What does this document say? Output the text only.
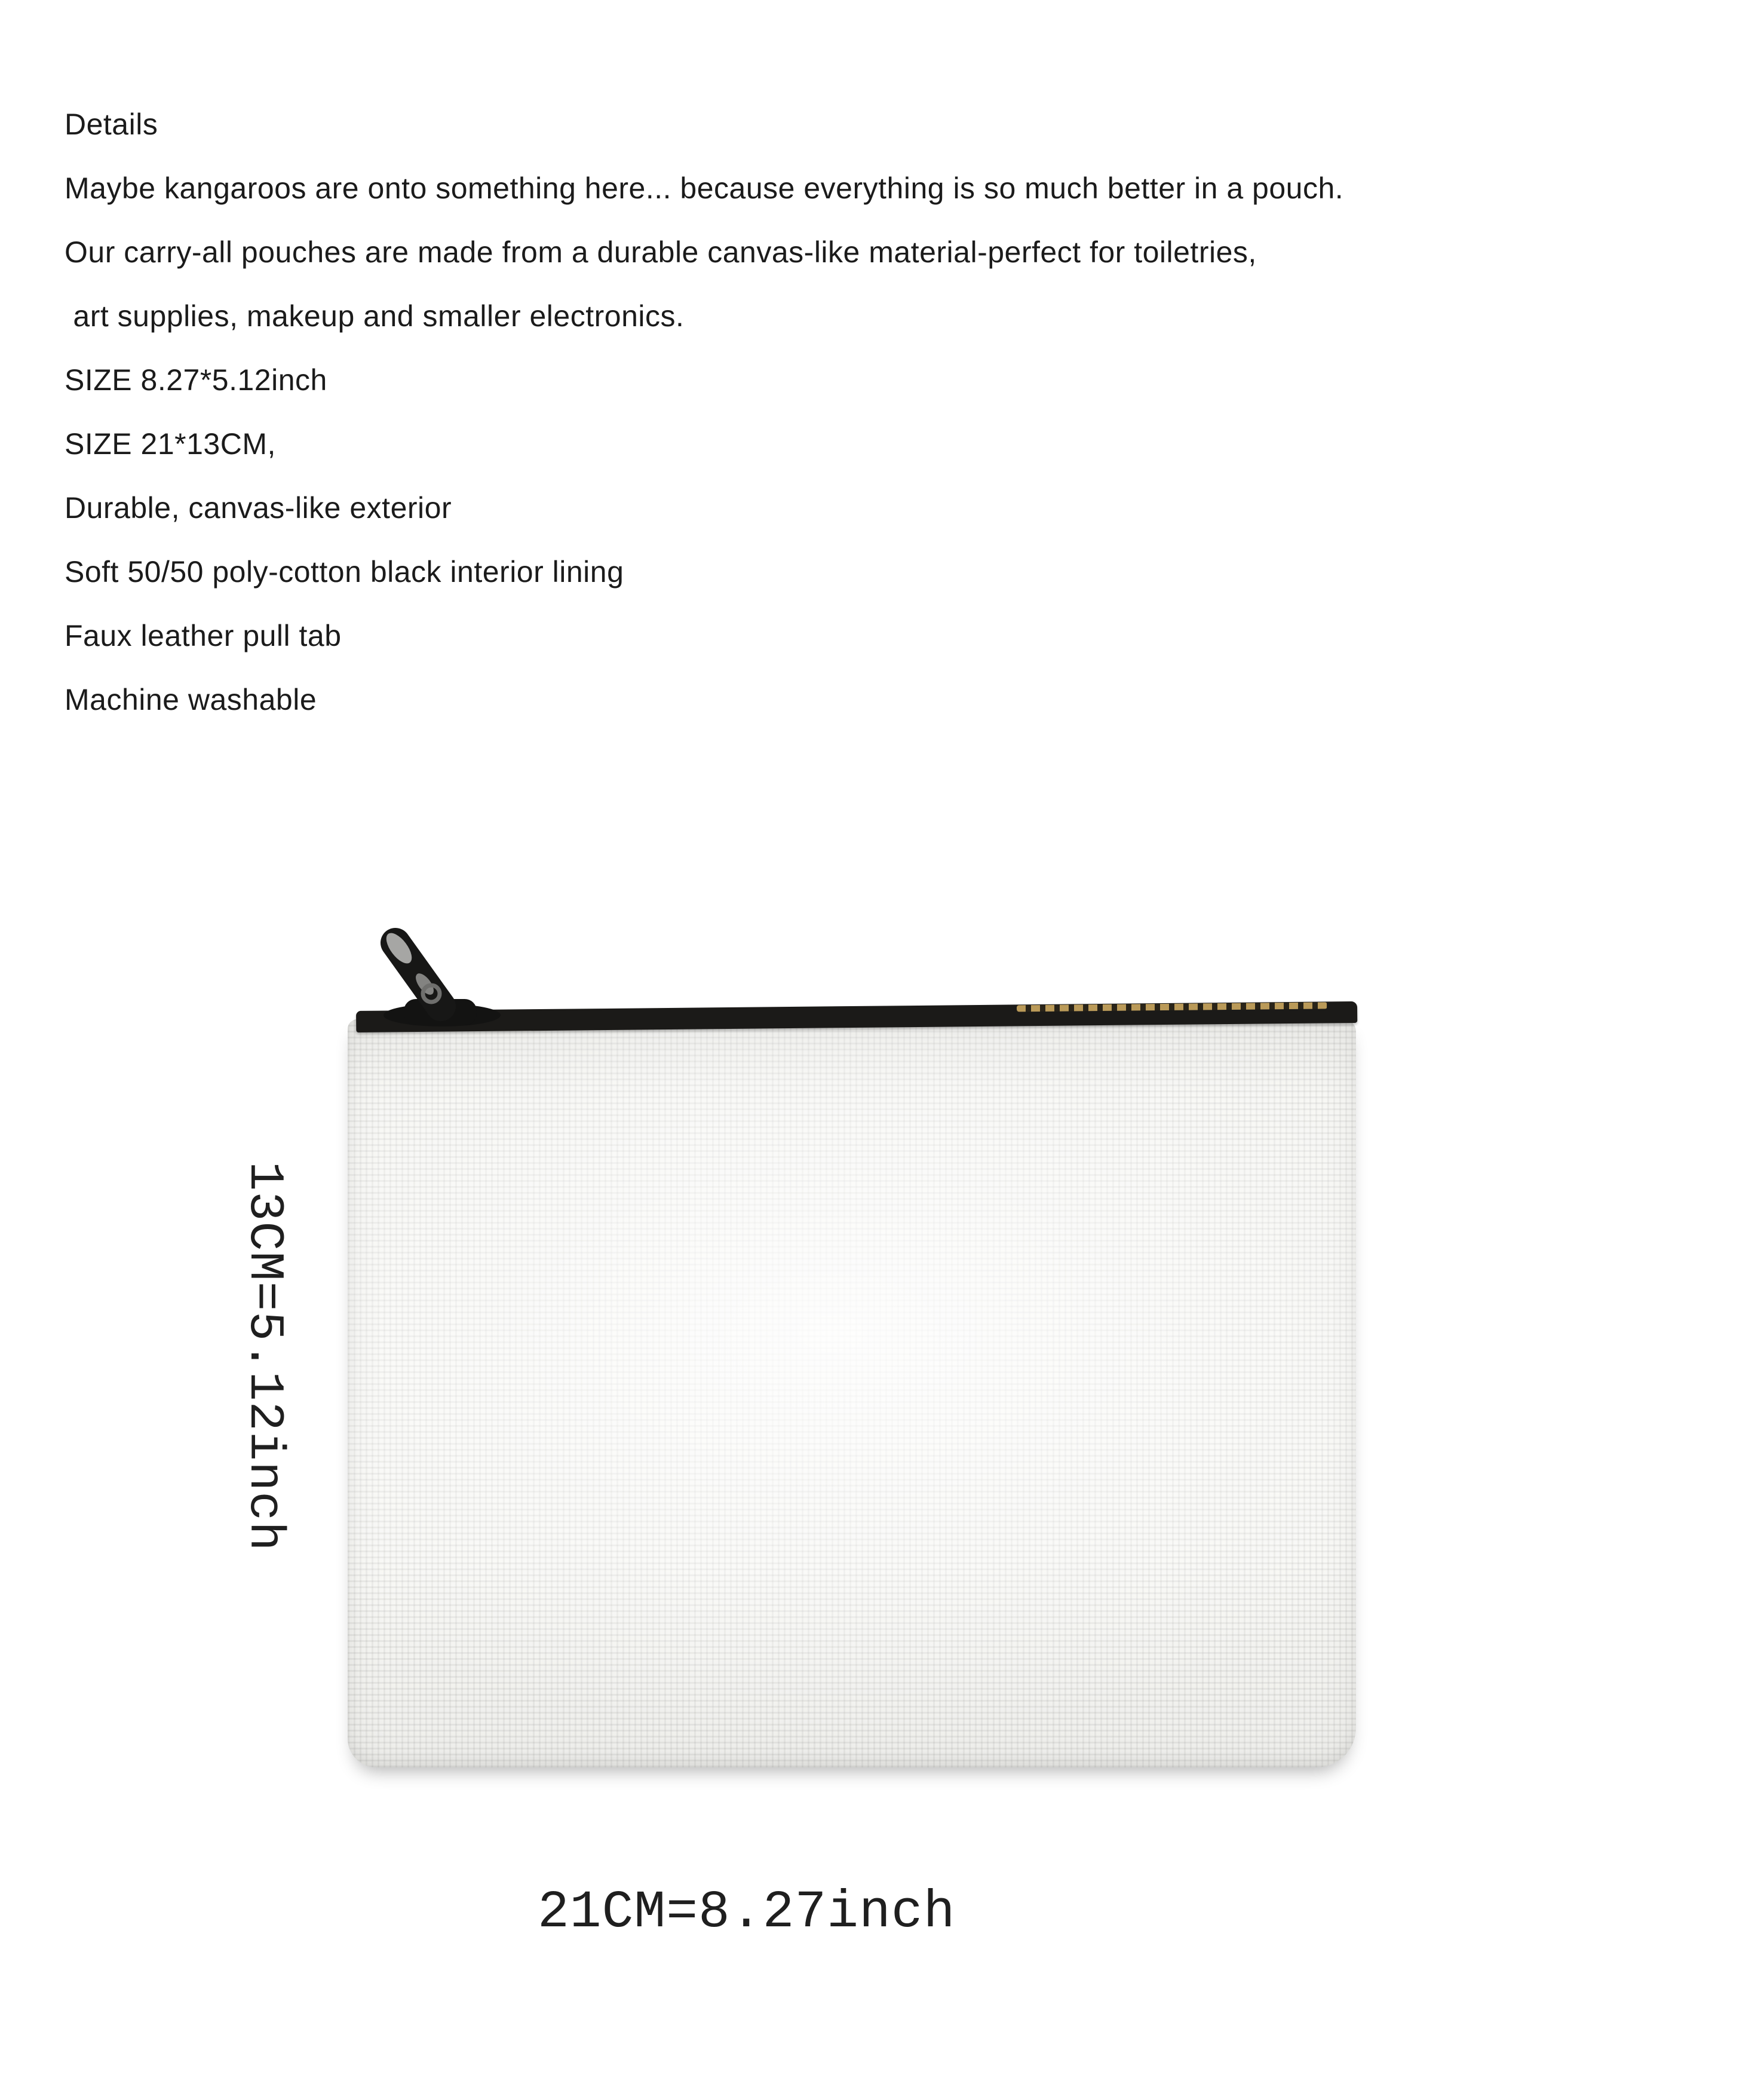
Details

Maybe kangaroos are onto something here... because everything is so much better in a pouch.

Our carry-all pouches are made from a durable canvas-like material-perfect for toiletries,

art supplies, makeup and smaller electronics.

SIZE 8.27*5.12inch

SIZE 21*13CM,

Durable, canvas-like exterior

Soft 50/50 poly-cotton black interior lining

Faux leather pull tab

Machine washable

13CM=5.12inch
21CM=8.27inch
